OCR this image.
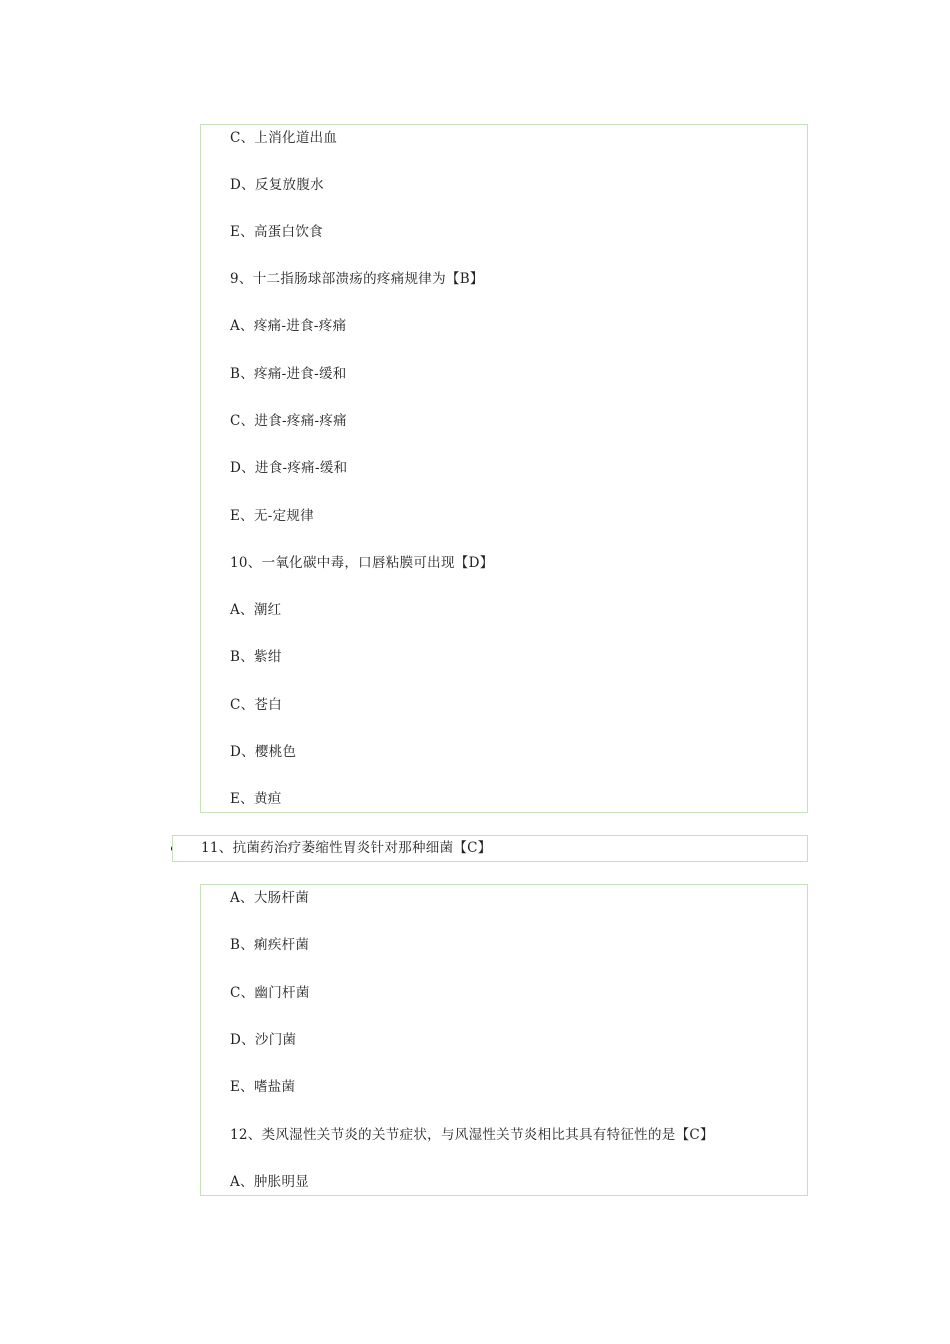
C、上消化道出血
D、反复放腹水
E、高蛋白饮食
9、十二指肠球部溃疡的疼痛规律为【B】
A、疼痛-进食-疼痛
B、疼痛-进食-缓和
C、进食-疼痛-疼痛
D、进食-疼痛-缓和
E、无-定规律
10、一氧化碳中毒，口唇粘膜可出现【D】
A、潮红
B、紫绀
C、苍白
D、樱桃色
E、黄疸
11、抗菌药治疗萎缩性胃炎针对那种细菌【C】
A、大肠杆菌
B、痢疾杆菌
C、幽门杆菌
D、沙门菌
E、嗜盐菌
12、类风湿性关节炎的关节症状，与风湿性关节炎相比其具有特征性的是【C】
A、肿胀明显
